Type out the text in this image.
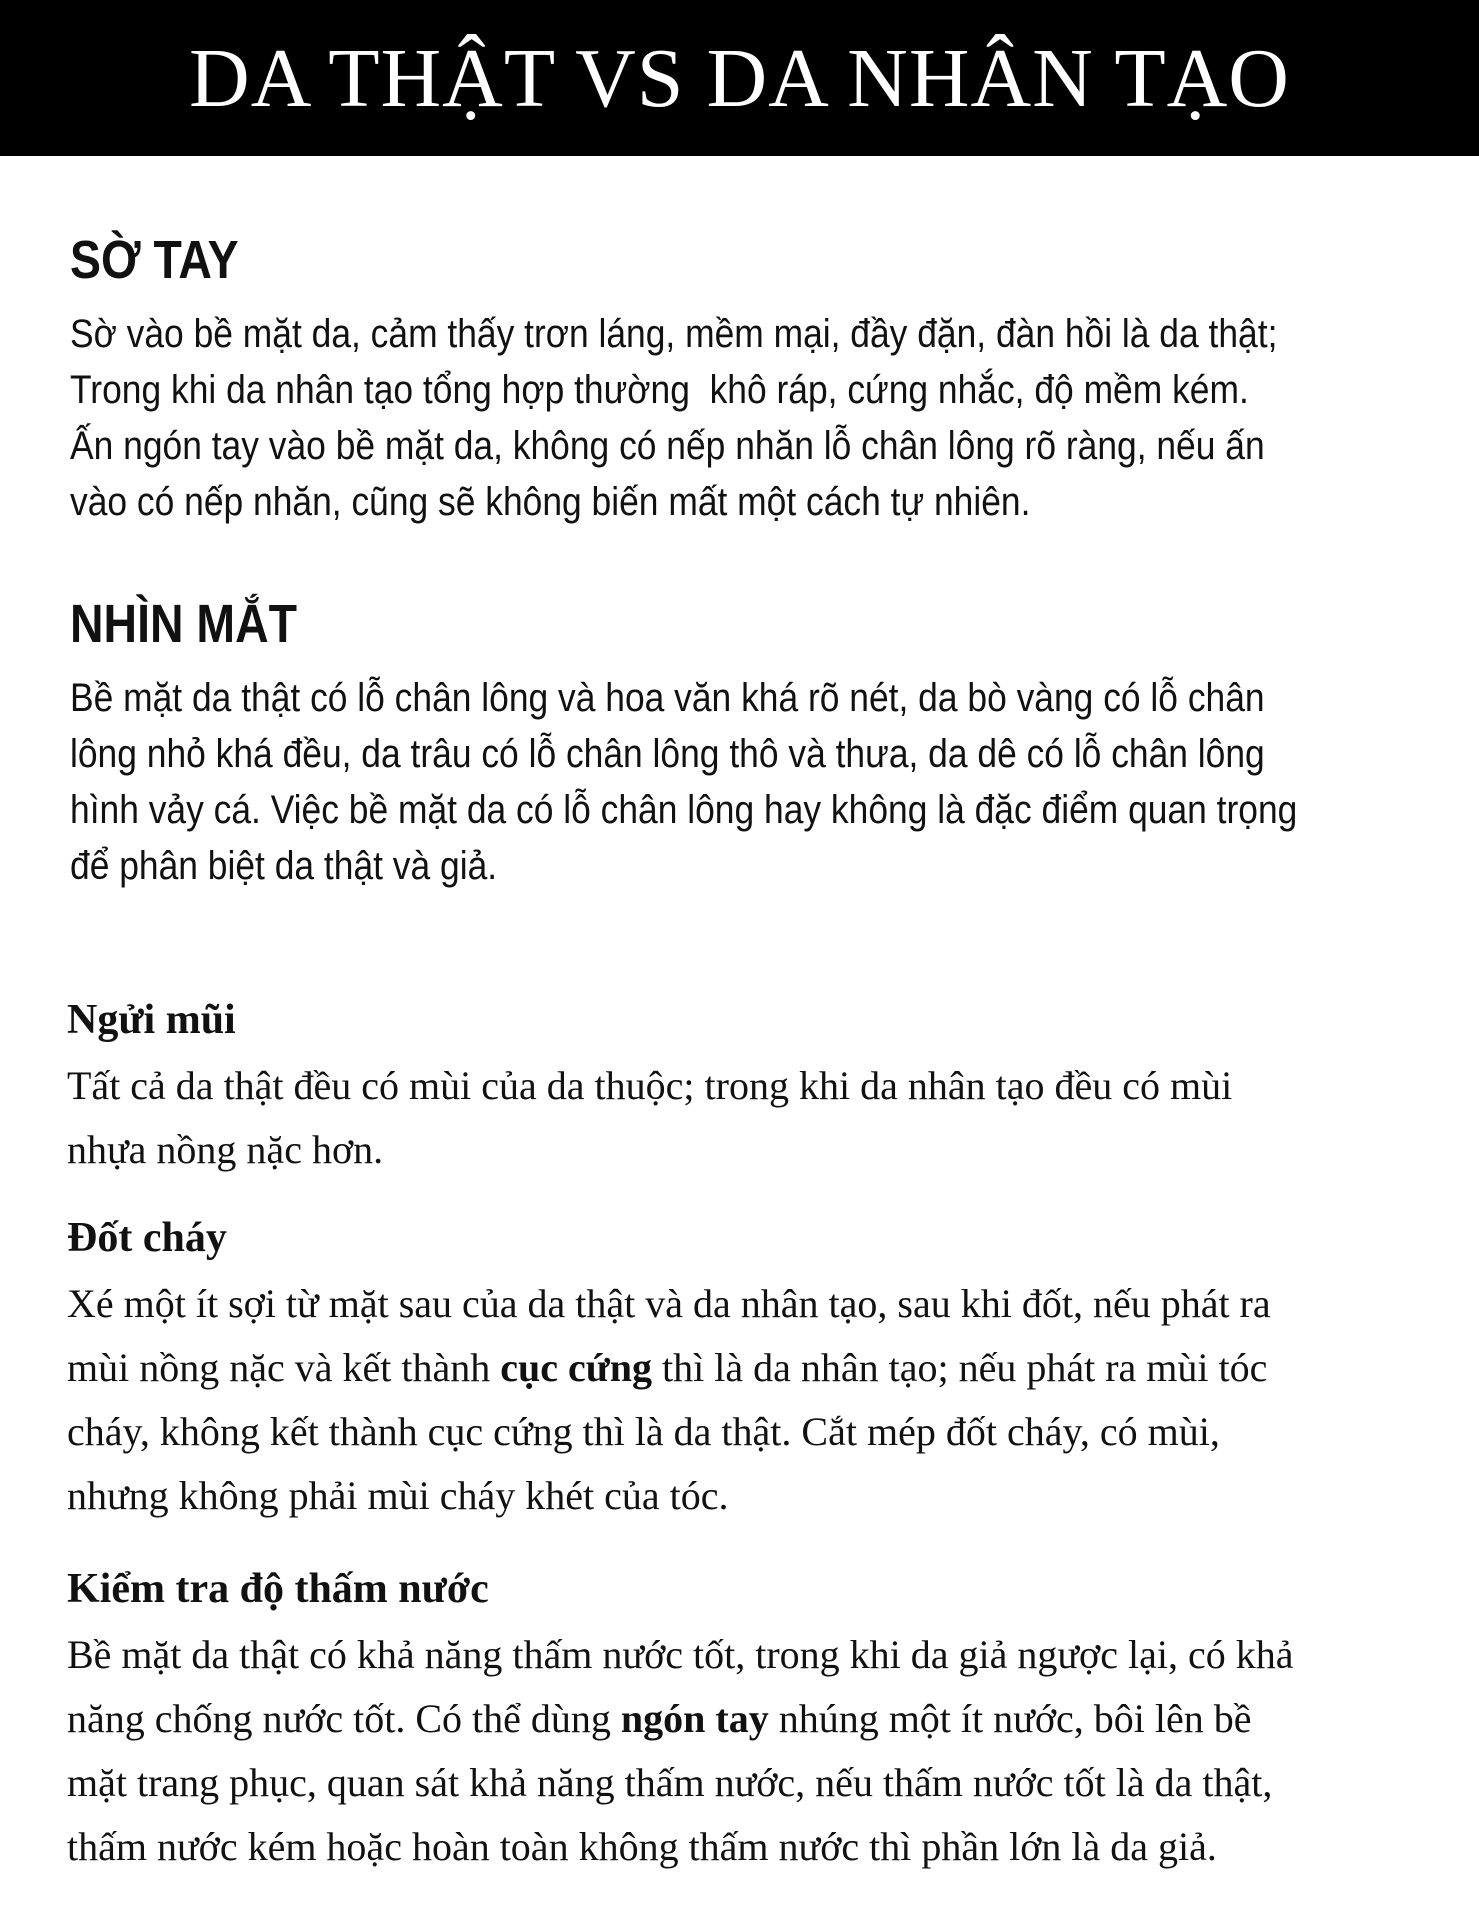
DA THẬT VS DA NHÂN TẠO
SỜ TAY
Sờ vào bề mặt da, cảm thấy trơn láng, mềm mại, đầy đặn, đàn hồi là da thật;
Trong khi da nhân tạo tổng hợp thường  khô ráp, cứng nhắc, độ mềm kém.
Ấn ngón tay vào bề mặt da, không có nếp nhăn lỗ chân lông rõ ràng, nếu ấn
vào có nếp nhăn, cũng sẽ không biến mất một cách tự nhiên.
NHÌN MẮT
Bề mặt da thật có lỗ chân lông và hoa văn khá rõ nét, da bò vàng có lỗ chân
lông nhỏ khá đều, da trâu có lỗ chân lông thô và thưa, da dê có lỗ chân lông
hình vảy cá. Việc bề mặt da có lỗ chân lông hay không là đặc điểm quan trọng
để phân biệt da thật và giả.
Ngửi mũi
Tất cả da thật đều có mùi của da thuộc; trong khi da nhân tạo đều có mùi
nhựa nồng nặc hơn.
Đốt cháy
Xé một ít sợi từ mặt sau của da thật và da nhân tạo, sau khi đốt, nếu phát ra
mùi nồng nặc và kết thành cục cứng thì là da nhân tạo; nếu phát ra mùi tóc
cháy, không kết thành cục cứng thì là da thật. Cắt mép đốt cháy, có mùi,
nhưng không phải mùi cháy khét của tóc.
Kiểm tra độ thấm nước
Bề mặt da thật có khả năng thấm nước tốt, trong khi da giả ngược lại, có khả
năng chống nước tốt. Có thể dùng ngón tay nhúng một ít nước, bôi lên bề
mặt trang phục, quan sát khả năng thấm nước, nếu thấm nước tốt là da thật,
thấm nước kém hoặc hoàn toàn không thấm nước thì phần lớn là da giả.
